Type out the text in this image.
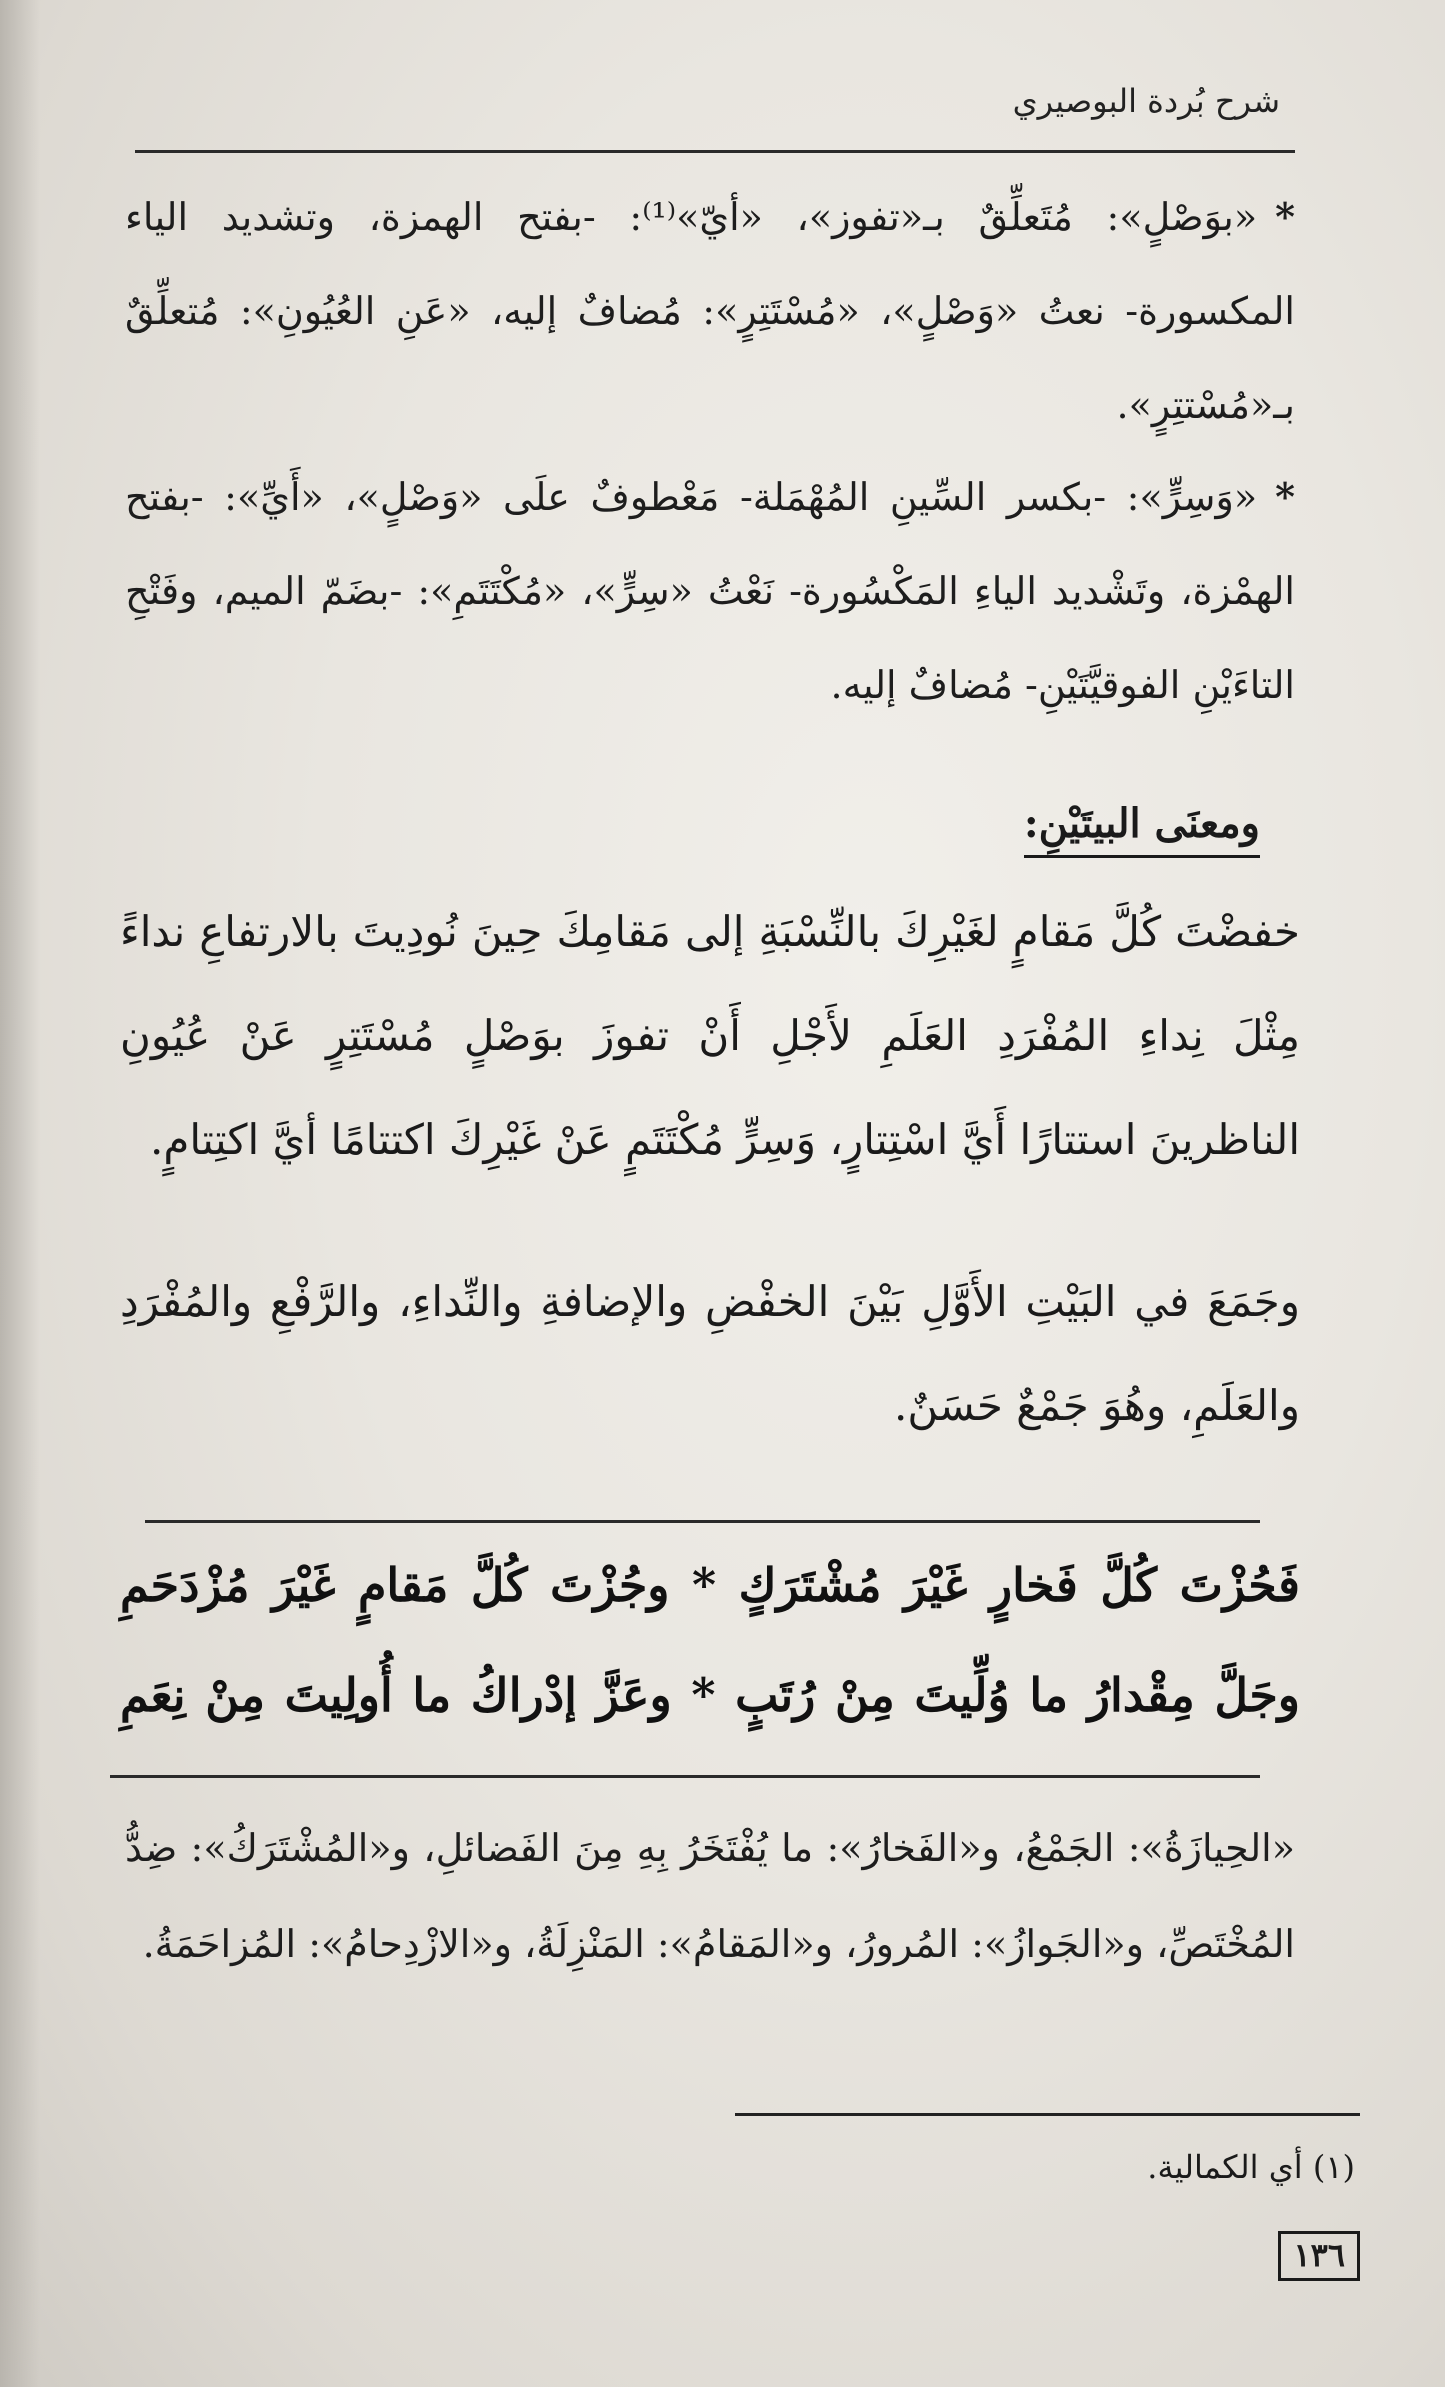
شرح بُردة البوصيري
*«بوَصْلٍ»: مُتَعلِّقٌ بـ«تفوز»، «أيّ»⁽¹⁾: -بفتح الهمزة، وتشديد الياء المكسورة- نعتُ «وَصْلٍ»، «مُسْتَتِرٍ»: مُضافٌ إليه، «عَنِ العُيُونِ»: مُتعلِّقٌ بـ«مُسْتتِرٍ».
*«وَسِرٍّ»: -بكسر السِّينِ المُهْمَلة- مَعْطوفٌ علَى «وَصْلٍ»، «أَيِّ»: -بفتح الهمْزة، وتَشْديد الياءِ المَكْسُورة- نَعْتُ «سِرٍّ»، «مُكْتَتَمِ»: -بضَمّ الميم، وفَتْحِ التاءَيْنِ الفوقيَّتَيْنِ- مُضافٌ إليه.
ومعنَى البيتَيْنِ:
خفضْتَ كُلَّ مَقامٍ لغَيْرِكَ بالنِّسْبَةِ إلى مَقامِكَ حِينَ نُودِيتَ بالارتفاعِ نداءً مِثْلَ نِداءِ المُفْرَدِ العَلَمِ لأَجْلِ أَنْ تفوزَ بوَصْلٍ مُسْتَتِرٍ عَنْ عُيُونِ الناظرينَ استتارًا أَيَّ اسْتِتارٍ، وَسِرٍّ مُكْتَتَمٍ عَنْ غَيْرِكَ اكتتامًا أيَّ اكتِتامٍ.
وجَمَعَ في البَيْتِ الأَوَّلِ بَيْنَ الخفْضِ والإضافةِ والنِّداءِ، والرَّفْعِ والمُفْرَدِ والعَلَمِ، وهُوَ جَمْعٌ حَسَنٌ.
فَحُزْتَ كُلَّ فَخارٍ غَيْرَ مُشْتَرَكٍ * وجُزْتَ كُلَّ مَقامٍ غَيْرَ مُزْدَحَمِ
وجَلَّ مِقْدارُ ما وُلِّيتَ مِنْ رُتَبٍ * وعَزَّ إدْراكُ ما أُولِيتَ مِنْ نِعَمِ
«الحِيازَةُ»: الجَمْعُ، و«الفَخارُ»: ما يُفْتَخَرُ بِهِ مِنَ الفَضائلِ، و«المُشْتَرَكُ»: ضِدُّ المُخْتَصِّ، و«الجَوازُ»: المُرورُ، و«المَقامُ»: المَنْزِلَةُ، و«الازْدِحامُ»: المُزاحَمَةُ.
(١) أي الكمالية.
١٣٦
